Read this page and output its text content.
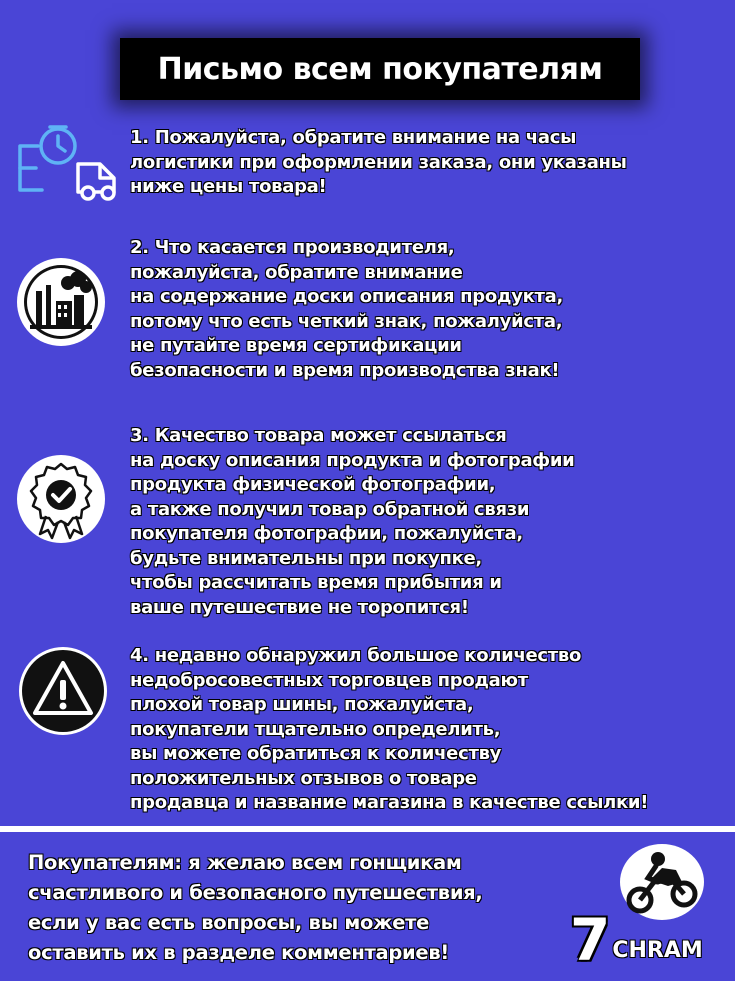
Письмо всем покупателям
1. Пожалуйста, обратите внимание на часы
логистики при оформлении заказа, они указаны
ниже цены товара!
2. Что касается производителя,
пожалуйста, обратите внимание
на содержание доски описания продукта,
потому что есть четкий знак, пожалуйста,
не путайте время сертификации
безопасности и время производства знак!
3. Качество товара может ссылаться
на доску описания продукта и фотографии
продукта физической фотографии,
а также получил товар обратной связи
покупателя фотографии, пожалуйста,
будьте внимательны при покупке,
чтобы рассчитать время прибытия и
ваше путешествие не торопится!
4. недавно обнаружил большое количество
недобросовестных торговцев продают
плохой товар шины, пожалуйста,
покупатели тщательно определить,
вы можете обратиться к количеству
положительных отзывов о товаре
продавца и название магазина в качестве ссылки!
Покупателям: я желаю всем гонщикам
счастливого и безопасного путешествия,
если у вас есть вопросы, вы можете
оставить их в разделе комментариев!	7 CHRAM
